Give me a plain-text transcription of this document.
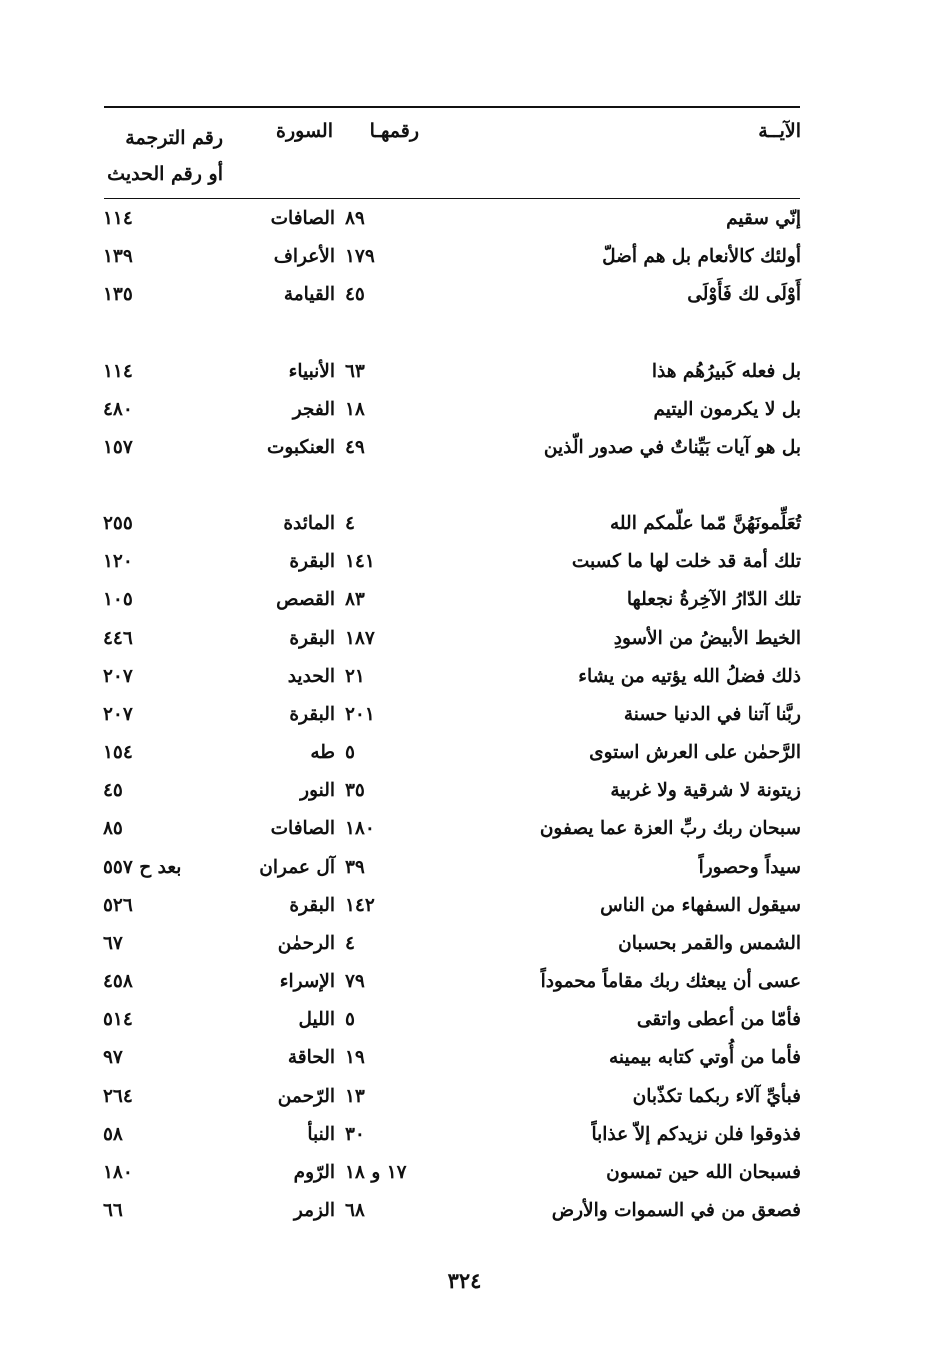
الآيــة
رقمهـا
السورة
رقم الترجمة
أو رقم الحديث
إنّي سقيم
٨٩
الصافات
١١٤
أولئك كالأنعام بل هم أضلّ
١٧٩
الأعراف
١٣٩
أَوْلَى لك فَأَوْلَى
٤٥
القيامة
١٣٥
بل فعله كَبيرُهُم هذا
٦٣
الأنبياء
١١٤
بل لا يكرمون اليتيم
١٨
الفجر
٤٨٠
بل هو آيات بَيِّناتٌ في صدور الّذين
٤٩
العنكبوت
١٥٧
تُعَلِّمونَهُنَّ مّما علّمكم الله
٤
المائدة
٢٥٥
تلك أمة قد خلت لها ما كسبت
١٤١
البقرة
١٢٠
تلك الدّارُ الآخِرةُ نجعلها
٨٣
القصص
١٠٥
الخيط الأبيضُ من الأسودِ
١٨٧
البقرة
٤٤٦
ذلك فضلُ الله يؤتيه من يشاء
٢١
الحديد
٢٠٧
ربَّنا آتنا في الدنيا حسنة
٢٠١
البقرة
٢٠٧
الرَّحمٰن على العرش استوى
٥
طه
١٥٤
زيتونة لا شرقية ولا غربية
٣٥
النور
٤٥
سبحان ربك ربِّ العزة عما يصفون
١٨٠
الصافات
٨٥
سيداً وحصوراً
٣٩
آل عمران
بعد ح ٥٥٧
سيقول السفهاء من الناس
١٤٢
البقرة
٥٢٦
الشمس والقمر بحسبان
٤
الرحمٰن
٦٧
عسى أن يبعثك ربك مقاماً محموداً
٧٩
الإسراء
٤٥٨
فأمّا من أعطى واتقى
٥
الليل
٥١٤
فأما من أُوتي كتابه بيمينه
١٩
الحاقة
٩٧
فبأيِّ آلاء ربكما تكذّبان
١٣
الرّحمن
٢٦٤
فذوقوا فلن نزيدكم إلاّ عذاباً
٣٠
النبأ
٥٨
فسبحان الله حين تمسون
١٧ و ١٨
الرّوم
١٨٠
فصعق من في السموات والأرض
٦٨
الزمر
٦٦
٣٢٤
